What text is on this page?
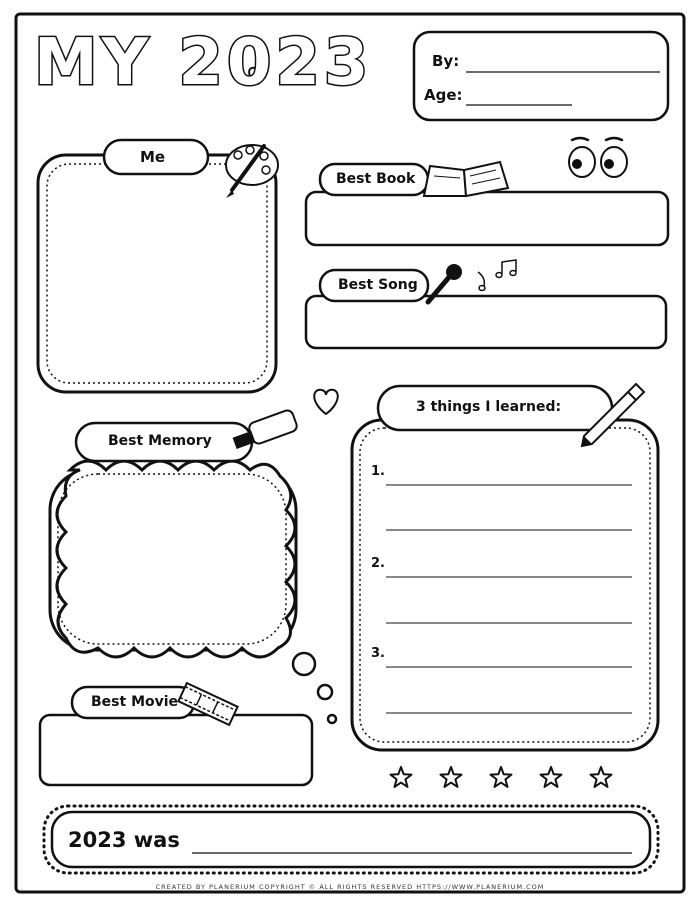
MY 2023	By:
Age:
Me
Best Book
Best Song
Best Memory
3 things I learned:
Best Movie
1.
2.
3.
2023 was
CREATED BY PLANERIUM COPYRIGHT © ALL RIGHTS RESERVED HTTPS://WWW.PLANERIUM.COM
